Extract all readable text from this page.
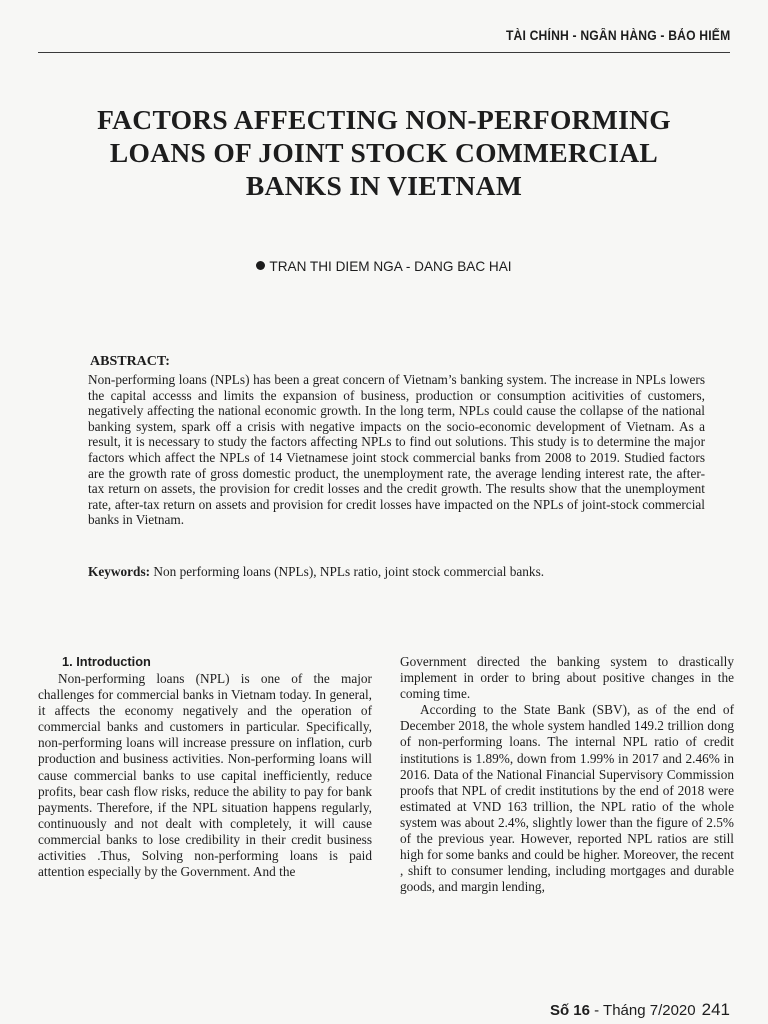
TÀI CHÍNH - NGÂN HÀNG - BẢO HIỂM
FACTORS AFFECTING NON-PERFORMING
LOANS OF JOINT STOCK COMMERCIAL
BANKS IN VIETNAM
TRAN THI DIEM NGA - DANG BAC HAI
ABSTRACT:

Non-performing loans (NPLs) has been a great concern of Vietnam’s banking system. The increase in NPLs lowers the capital accesss and limits the expansion of business, production or consumption acitivities of customers, negatively affecting the national economic growth. In the long term, NPLs could cause the collapse of the national banking system, spark off a crisis with negative impacts on the socio-economic development of Vietnam. As a result, it is necessary to study the factors affecting NPLs to find out solutions. This study is to determine the major factors which affect the NPLs of 14 Vietnamese joint stock commercial banks from 2008 to 2019. Studied factors are the growth rate of gross domestic product, the unemployment rate, the average lending interest rate, the after-tax return on assets, the provision for credit losses and the credit growth. The results show that the unemployment rate, after-tax return on assets and provision for credit losses have impacted on the NPLs of joint-stock commercial banks in Vietnam.

Keywords: Non performing loans (NPLs), NPLs ratio, joint stock commercial banks.

1. Introduction

Non-performing loans (NPL) is one of the major challenges for commercial banks in Vietnam today. In general, it affects the economy negatively and the operation of commercial banks and customers in particular. Specifically, non-performing loans will increase pressure on inflation, curb production and business activities. Non-performing loans will cause commercial banks to use capital inefficiently, reduce profits, bear cash flow risks, reduce the ability to pay for bank payments. Therefore, if the NPL situation happens regularly, continuously and not dealt with completely, it will cause commercial banks to lose credibility in their credit business activities .Thus, Solving non-performing loans is paid attention especially by the Government. And the

Government directed the banking system to drastically implement in order to bring about positive changes in the coming time.

According to the State Bank (SBV), as of the end of December 2018, the whole system handled 149.2 trillion dong of non-performing loans. The internal NPL ratio of credit institutions is 1.89%, down from 1.99% in 2017 and 2.46% in 2016. Data of the National Financial Supervisory Commission proofs that NPL of credit institutions by the end of 2018 were estimated at VND 163 trillion, the NPL ratio of the whole system was about 2.4%, slightly lower than the figure of 2.5% of the previous year. However, reported NPL ratios are still high for some banks and could be higher. Moreover, the recent , shift to consumer lending, including mortgages and durable goods, and margin lending,

Số 16 - Tháng 7/2020 241
